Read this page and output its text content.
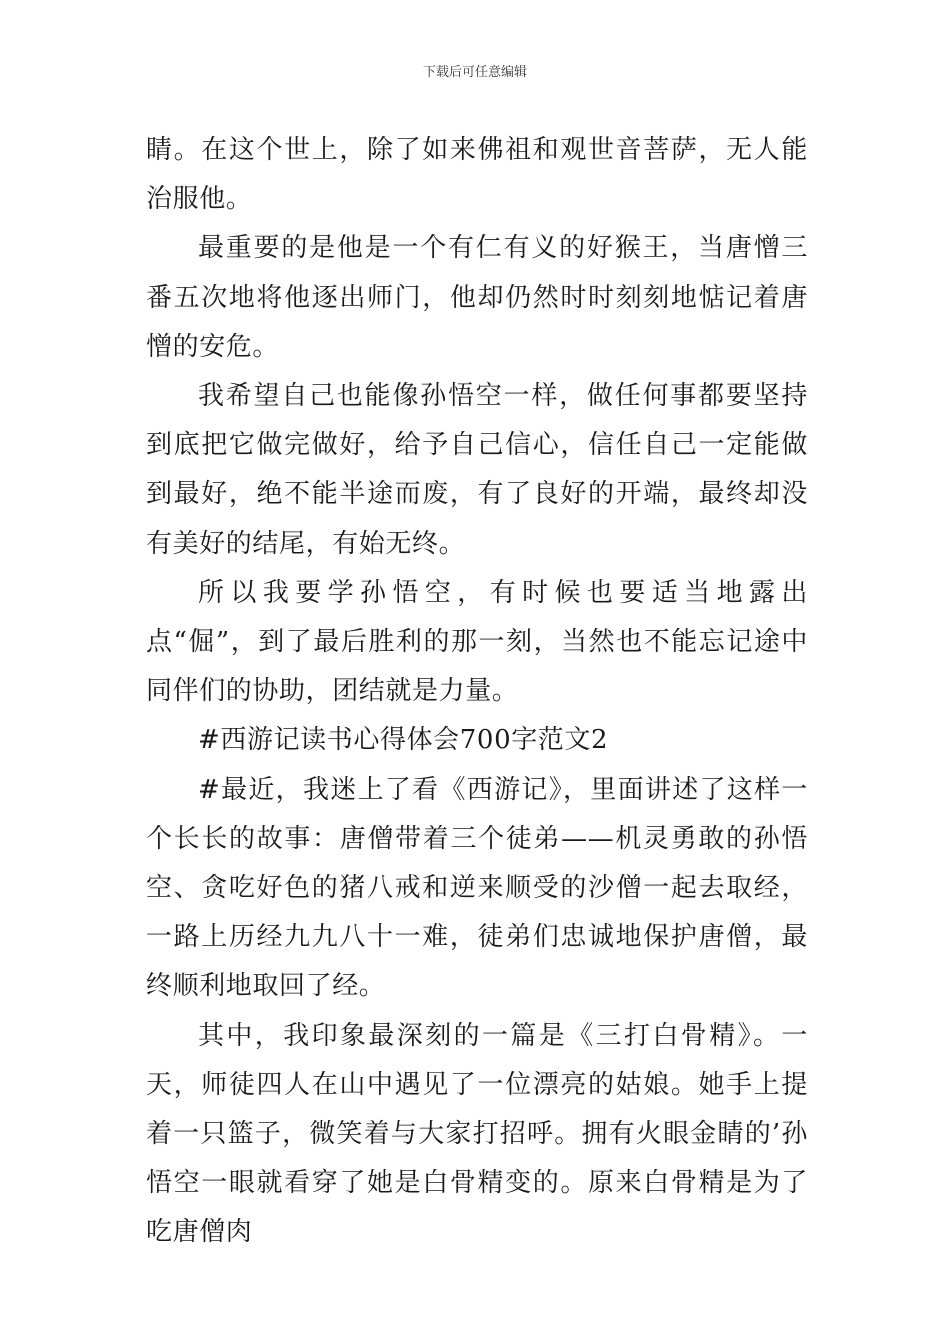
下载后可任意编辑

睛。在这个世上，除了如来佛祖和观世音菩萨，无人能治服他。

最重要的是他是一个有仁有义的好猴王，当唐憎三番五次地将他逐出师门，他却仍然时时刻刻地惦记着唐憎的安危。

我希望自己也能像孙悟空一样，做任何事都要坚持到底把它做完做好，给予自己信心，信任自己一定能做到最好，绝不能半途而废，有了良好的开端，最终却没有美好的结尾，有始无终。

所以我要学孙悟空，有时候也要适当地露出点“倔”，到了最后胜利的那一刻，当然也不能忘记途中同伴们的协助，团结就是力量。

#西游记读书心得体会700字范文2

#最近，我迷上了看《西游记》，里面讲述了这样一个长长的故事：唐僧带着三个徒弟——机灵勇敢的孙悟空、贪吃好色的猪八戒和逆来顺受的沙僧一起去取经，一路上历经九九八十一难，徒弟们忠诚地保护唐僧，最终顺利地取回了经。

其中，我印象最深刻的一篇是《三打白骨精》。一天，师徒四人在山中遇见了一位漂亮的姑娘。她手上提着一只篮子，微笑着与大家打招呼。拥有火眼金睛的’孙悟空一眼就看穿了她是白骨精变的。原来白骨精是为了吃唐僧肉
